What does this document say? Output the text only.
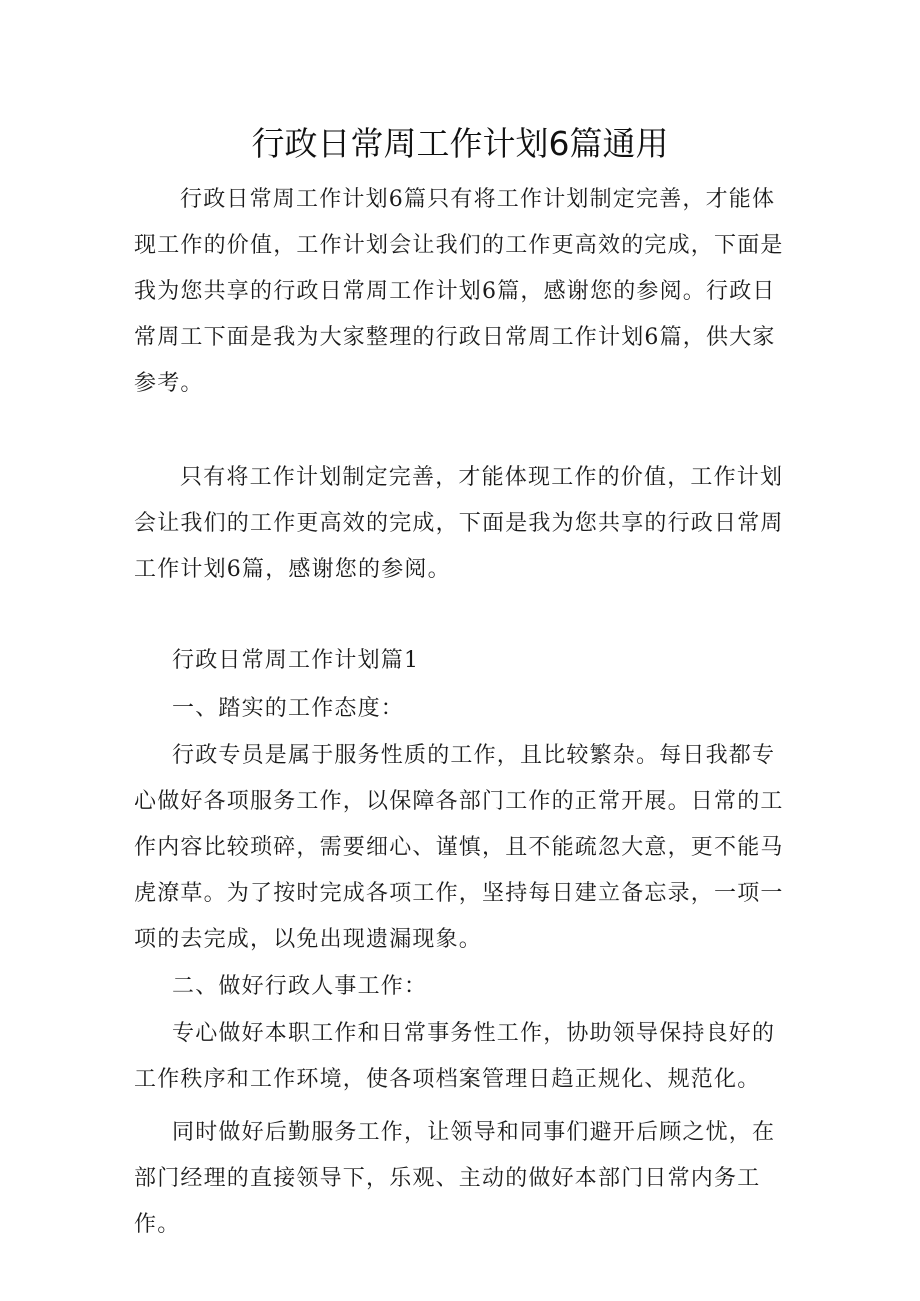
行政日常周工作计划6篇通用

行政日常周工作计划6篇只有将工作计划制定完善，才能体现工作的价值，工作计划会让我们的工作更高效的完成，下面是我为您共享的行政日常周工作计划6篇，感谢您的参阅。行政日常周工下面是我为大家整理的行政日常周工作计划6篇，供大家参考。

只有将工作计划制定完善，才能体现工作的价值，工作计划会让我们的工作更高效的完成，下面是我为您共享的行政日常周工作计划6篇，感谢您的参阅。

行政日常周工作计划篇1

一、踏实的工作态度：

行政专员是属于服务性质的工作，且比较繁杂。每日我都专心做好各项服务工作，以保障各部门工作的正常开展。日常的工作内容比较琐碎，需要细心、谨慎，且不能疏忽大意，更不能马虎潦草。为了按时完成各项工作，坚持每日建立备忘录，一项一项的去完成，以免出现遗漏现象。

二、做好行政人事工作：

专心做好本职工作和日常事务性工作，协助领导保持良好的工作秩序和工作环境，使各项档案管理日趋正规化、规范化。

同时做好后勤服务工作，让领导和同事们避开后顾之忧，在部门经理的直接领导下，乐观、主动的做好本部门日常内务工作。
